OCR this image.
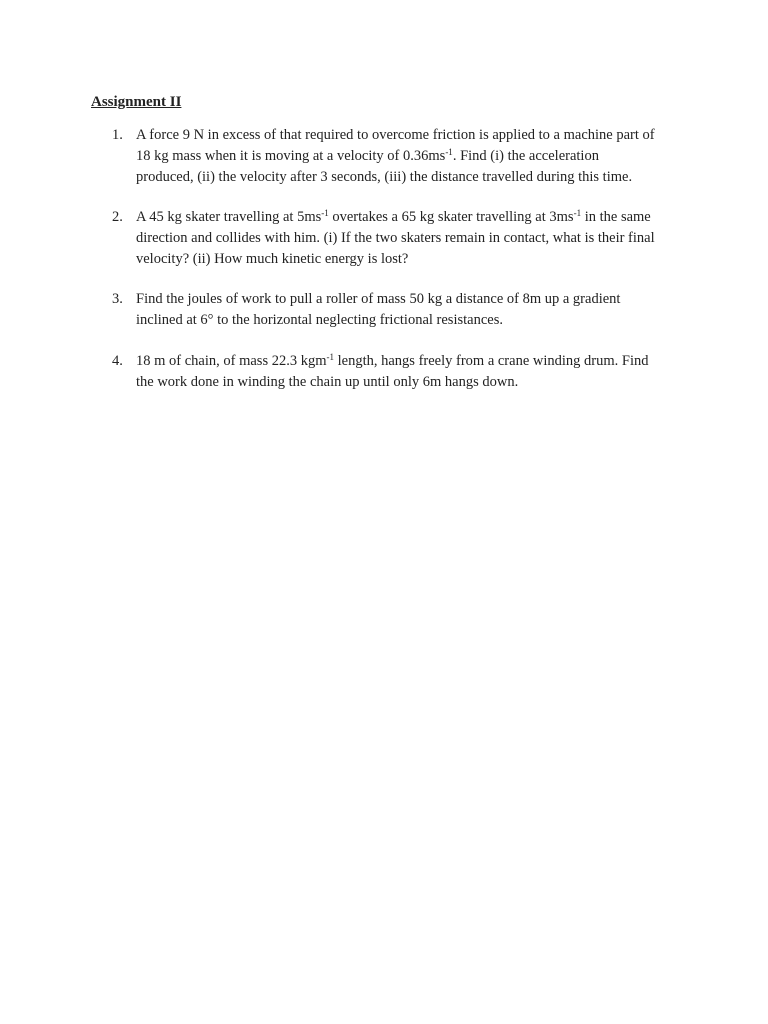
Assignment II
1. A force 9 N in excess of that required to overcome friction is applied to a machine part of
18 kg mass when it is moving at a velocity of $0.36ms^{-1}$. Find (i) the acceleration
produced, (ii) the velocity after 3 seconds, (iii) the distance travelled during this time.
2. A 45 kg skater travelling at $5ms^{-1}$ overtakes a 65 kg skater travelling at $3ms^{-1}$ in the same
direction and collides with him. (i) If the two skaters remain in contact, what is their final
velocity? (ii) How much kinetic energy is lost?
3. Find the joules of work to pull a roller of mass 50 kg a distance of 8m up a gradient
inclined at 6° to the horizontal neglecting frictional resistances.
4. 18 m of chain, of mass 22.3 kgm$^{-1}$ length, hangs freely from a crane winding drum. Find
the work done in winding the chain up until only 6m hangs down.
